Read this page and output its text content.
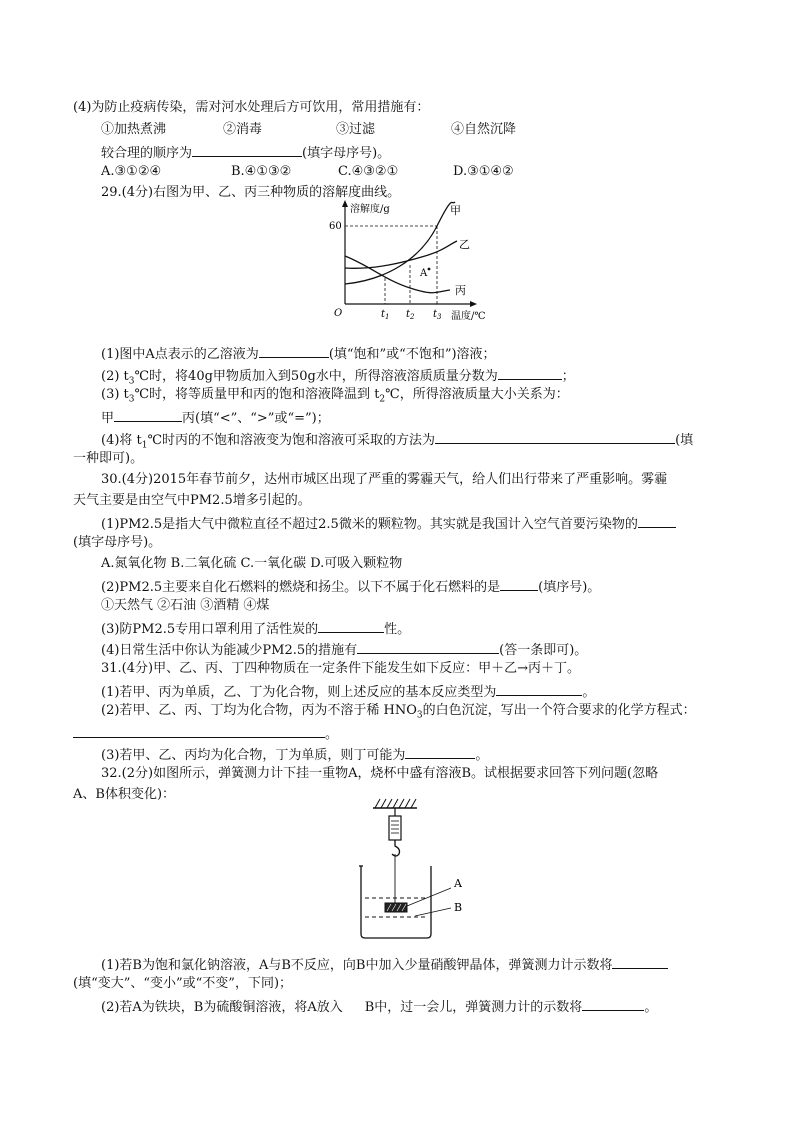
(4)为防止疫病传染，需对河水处理后方可饮用，常用措施有：
①加热煮沸	②消毒	③过滤	④自然沉降
较合理的顺序为	(填字母序号)。
A.③①②④	B.④①③②	C.④③②①	D.③①④②
29.(4分)右图为甲、乙、丙三种物质的溶解度曲线。
溶解度/g
温度/℃
60
O	$t_1$ $t_2$ $t_3$
甲
乙
丙
A
(1)图中A点表示的乙溶液为	(填“饱和”或“不饱和”)溶液；
(2) $t_3℃$时，将40g甲物质加入到50g水中，所得溶液溶质质量分数为	；
(3) $t_3℃$时，将等质量甲和丙的饱和溶液降温到 $t_2℃$，所得溶液质量大小关系为：
甲	丙(填“<”、“>”或“=”)；
(4)将 $t_1℃$时丙的不饱和溶液变为饱和溶液可采取的方法为	(填
一种即可)。
30.(4分)2015年春节前夕，达州市城区出现了严重的雾霾天气，给人们出行带来了严重影响。雾霾
天气主要是由空气中PM2.5增多引起的。
(1)PM2.5是指大气中微粒直径不超过2.5微米的颗粒物。其实就是我国计入空气首要污染物的
(填字母序号)。
A.氮氧化物 B.二氧化硫 C.一氧化碳 D.可吸入颗粒物
(2)PM2.5主要来自化石燃料的燃烧和扬尘。以下不属于化石燃料的是	(填序号)。
①天然气 ②石油 ③酒精 ④煤
(3)防PM2.5专用口罩利用了活性炭的	性。
(4)日常生活中你认为能减少PM2.5的措施有	(答一条即可)。
31.(4分)甲、乙、丙、丁四种物质在一定条件下能发生如下反应：甲＋乙→丙＋丁。
(1)若甲、丙为单质，乙、丁为化合物，则上述反应的基本反应类型为	。
(2)若甲、乙、丙、丁均为化合物，丙为不溶于稀 $HNO_3$的白色沉淀，写出一个符合要求的化学方程式：
。
(3)若甲、乙、丙均为化合物，丁为单质，则丁可能为	。
32.(2分)如图所示，弹簧测力计下挂一重物A，烧杯中盛有溶液B。试根据要求回答下列问题(忽略
A、B体积变化)：
A
B
(1)若B为饱和氯化钠溶液，A与B不反应，向B中加入少量硝酸钾晶体，弹簧测力计示数将
(填“变大”、“变小”或“不变”，下同)；
(2)若A为铁块，B为硫酸铜溶液，将A放入 B中，过一会儿，弹簧测力计的示数将	。
